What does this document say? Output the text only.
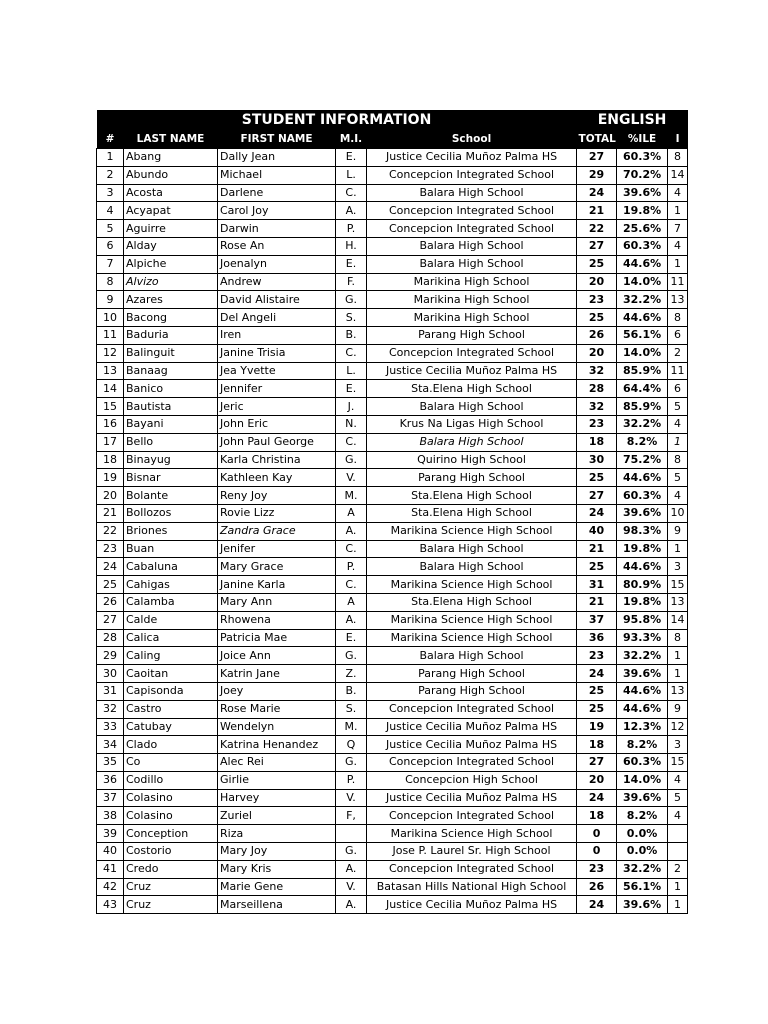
STUDENT INFORMATION					ENGLISH		
#	LAST NAME	FIRST NAME	M.I.	School	TOTAL	%ILE	I
1	Abang	Dally Jean	E.	Justice Cecilia Muñoz Palma HS	27	60.3%	8
2	Abundo	Michael	L.	Concepcion Integrated School	29	70.2%	14
3	Acosta	Darlene	C.	Balara High School	24	39.6%	4
4	Acyapat	Carol Joy	A.	Concepcion Integrated School	21	19.8%	1
5	Aguirre	Darwin	P.	Concepcion Integrated School	22	25.6%	7
6	Alday	Rose An	H.	Balara High School	27	60.3%	4
7	Alpiche	Joenalyn	E.	Balara High School	25	44.6%	1
8	Alvizo	Andrew	F.	Marikina High School	20	14.0%	11
9	Azares	David Alistaire	G.	Marikina High School	23	32.2%	13
10	Bacong	Del Angeli	S.	Marikina High School	25	44.6%	8
11	Baduria	Iren	B.	Parang High School	26	56.1%	6
12	Balinguit	Janine Trisia	C.	Concepcion Integrated School	20	14.0%	2
13	Banaag	Jea Yvette	L.	Justice Cecilia Muñoz Palma HS	32	85.9%	11
14	Banico	Jennifer	E.	Sta.Elena High School	28	64.4%	6
15	Bautista	Jeric	J.	Balara High School	32	85.9%	5
16	Bayani	John Eric	N.	Krus Na Ligas High School	23	32.2%	4
17	Bello	John Paul George	C.	Balara High School	18	8.2%	1
18	Binayug	Karla Christina	G.	Quirino High School	30	75.2%	8
19	Bisnar	Kathleen Kay	V.	Parang High School	25	44.6%	5
20	Bolante	Reny Joy	M.	Sta.Elena High School	27	60.3%	4
21	Bollozos	Rovie Lizz	A	Sta.Elena High School	24	39.6%	10
22	Briones	Zandra Grace	A.	Marikina Science High School	40	98.3%	9
23	Buan	Jenifer	C.	Balara High School	21	19.8%	1
24	Cabaluna	Mary Grace	P.	Balara High School	25	44.6%	3
25	Cahigas	Janine Karla	C.	Marikina Science High School	31	80.9%	15
26	Calamba	Mary Ann	A	Sta.Elena High School	21	19.8%	13
27	Calde	Rhowena	A.	Marikina Science High School	37	95.8%	14
28	Calica	Patricia Mae	E.	Marikina Science High School	36	93.3%	8
29	Caling	Joice Ann	G.	Balara High School	23	32.2%	1
30	Caoitan	Katrin Jane	Z.	Parang High School	24	39.6%	1
31	Capisonda	Joey	B.	Parang High School	25	44.6%	13
32	Castro	Rose Marie	S.	Concepcion Integrated School	25	44.6%	9
33	Catubay	Wendelyn	M.	Justice Cecilia Muñoz Palma HS	19	12.3%	12
34	Clado	Katrina Henandez	Q	Justice Cecilia Muñoz Palma HS	18	8.2%	3
35	Co	Alec Rei	G.	Concepcion Integrated School	27	60.3%	15
36	Codillo	Girlie	P.	Concepcion High School	20	14.0%	4
37	Colasino	Harvey	V.	Justice Cecilia Muñoz Palma HS	24	39.6%	5
38	Colasino	Zuriel	F,	Concepcion Integrated School	18	8.2%	4
39	Conception	Riza		Marikina Science High School	0	0.0%	
40	Costorio	Mary Joy	G.	Jose P. Laurel Sr. High School	0	0.0%	
41	Credo	Mary Kris	A.	Concepcion Integrated School	23	32.2%	2
42	Cruz	Marie Gene	V.	Batasan Hills National High School	26	56.1%	1
43	Cruz	Marseillena	A.	Justice Cecilia Muñoz Palma HS	24	39.6%	1
